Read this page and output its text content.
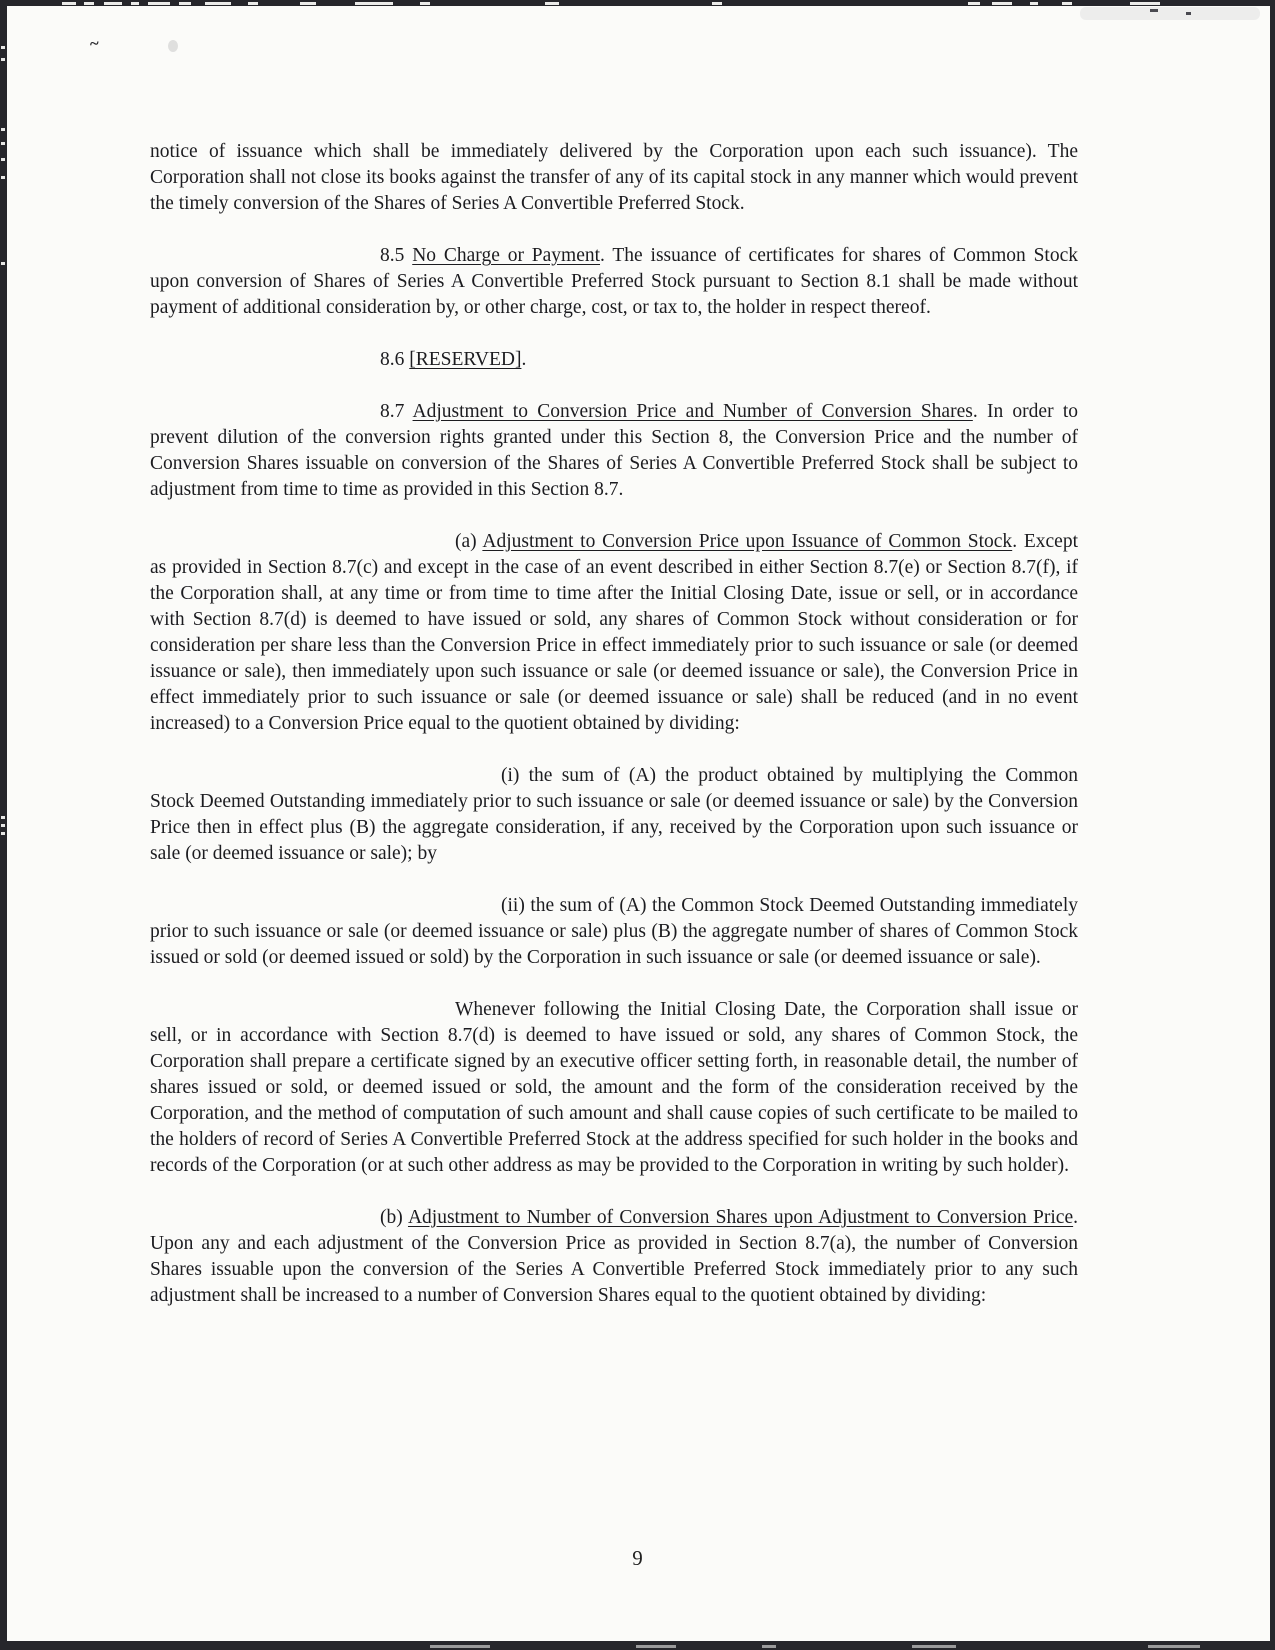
~

notice of issuance which shall be immediately delivered by the Corporation upon each such issuance). The Corporation shall not close its books against the transfer of any of its capital stock in any manner which would prevent the timely conversion of the Shares of Series A Convertible Preferred Stock.

8.5 No Charge or Payment. The issuance of certificates for shares of Common Stock upon conversion of Shares of Series A Convertible Preferred Stock pursuant to Section 8.1 shall be made without payment of additional consideration by, or other charge, cost, or tax to, the holder in respect thereof.

8.6 [RESERVED].

8.7 Adjustment to Conversion Price and Number of Conversion Shares. In order to prevent dilution of the conversion rights granted under this Section 8, the Conversion Price and the number of Conversion Shares issuable on conversion of the Shares of Series A Convertible Preferred Stock shall be subject to adjustment from time to time as provided in this Section 8.7.

(a) Adjustment to Conversion Price upon Issuance of Common Stock. Except as provided in Section 8.7(c) and except in the case of an event described in either Section 8.7(e) or Section 8.7(f), if the Corporation shall, at any time or from time to time after the Initial Closing Date, issue or sell, or in accordance with Section 8.7(d) is deemed to have issued or sold, any shares of Common Stock without consideration or for consideration per share less than the Conversion Price in effect immediately prior to such issuance or sale (or deemed issuance or sale), then immediately upon such issuance or sale (or deemed issuance or sale), the Conversion Price in effect immediately prior to such issuance or sale (or deemed issuance or sale) shall be reduced (and in no event increased) to a Conversion Price equal to the quotient obtained by dividing:

(i) the sum of (A) the product obtained by multiplying the Common Stock Deemed Outstanding immediately prior to such issuance or sale (or deemed issuance or sale) by the Conversion Price then in effect plus (B) the aggregate consideration, if any, received by the Corporation upon such issuance or sale (or deemed issuance or sale); by

(ii) the sum of (A) the Common Stock Deemed Outstanding immediately prior to such issuance or sale (or deemed issuance or sale) plus (B) the aggregate number of shares of Common Stock issued or sold (or deemed issued or sold) by the Corporation in such issuance or sale (or deemed issuance or sale).

Whenever following the Initial Closing Date, the Corporation shall issue or sell, or in accordance with Section 8.7(d) is deemed to have issued or sold, any shares of Common Stock, the Corporation shall prepare a certificate signed by an executive officer setting forth, in reasonable detail, the number of shares issued or sold, or deemed issued or sold, the amount and the form of the consideration received by the Corporation, and the method of computation of such amount and shall cause copies of such certificate to be mailed to the holders of record of Series A Convertible Preferred Stock at the address specified for such holder in the books and records of the Corporation (or at such other address as may be provided to the Corporation in writing by such holder).

(b) Adjustment to Number of Conversion Shares upon Adjustment to Conversion Price. Upon any and each adjustment of the Conversion Price as provided in Section 8.7(a), the number of Conversion Shares issuable upon the conversion of the Series A Convertible Preferred Stock immediately prior to any such adjustment shall be increased to a number of Conversion Shares equal to the quotient obtained by dividing:

9
